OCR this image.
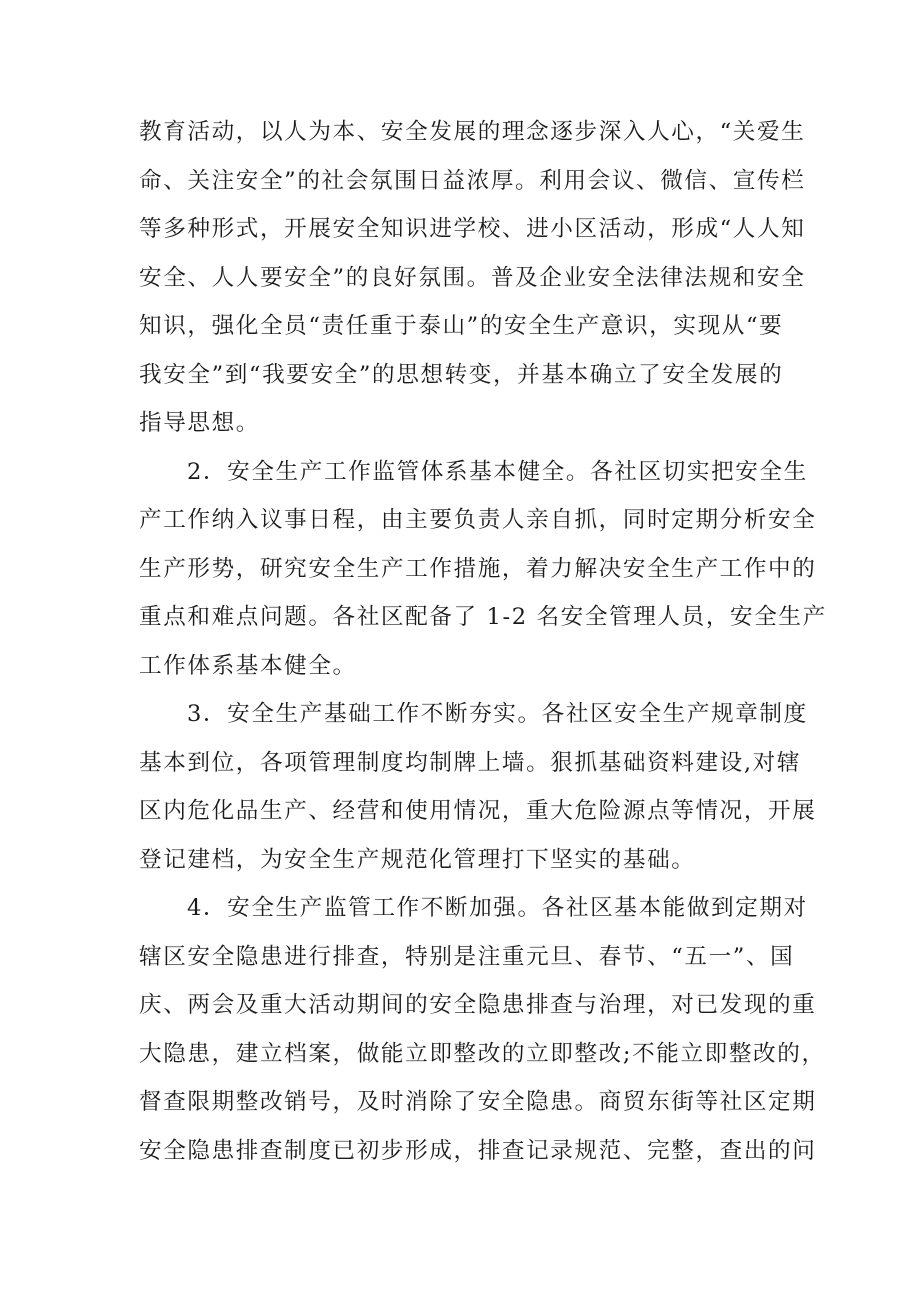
教育活动，以人为本、安全发展的理念逐步深入人心，“关爱生
命、关注安全”的社会氛围日益浓厚。利用会议、微信、宣传栏
等多种形式，开展安全知识进学校、进小区活动，形成“人人知
安全、人人要安全”的良好氛围。普及企业安全法律法规和安全
知识，强化全员“责任重于泰山”的安全生产意识，实现从“要
我安全”到“我要安全”的思想转变，并基本确立了安全发展的
指导思想。

2．安全生产工作监管体系基本健全。各社区切实把安全生
产工作纳入议事日程，由主要负责人亲自抓，同时定期分析安全
生产形势，研究安全生产工作措施，着力解决安全生产工作中的
重点和难点问题。各社区配备了 1-2 名安全管理人员，安全生产
工作体系基本健全。

3．安全生产基础工作不断夯实。各社区安全生产规章制度
基本到位，各项管理制度均制牌上墙。狠抓基础资料建设,对辖
区内危化品生产、经营和使用情况，重大危险源点等情况，开展
登记建档，为安全生产规范化管理打下坚实的基础。

4．安全生产监管工作不断加强。各社区基本能做到定期对
辖区安全隐患进行排查，特别是注重元旦、春节、“五一”、国
庆、两会及重大活动期间的安全隐患排查与治理，对已发现的重
大隐患，建立档案，做能立即整改的立即整改;不能立即整改的，
督查限期整改销号，及时消除了安全隐患。商贸东街等社区定期
安全隐患排查制度已初步形成，排查记录规范、完整，查出的问
